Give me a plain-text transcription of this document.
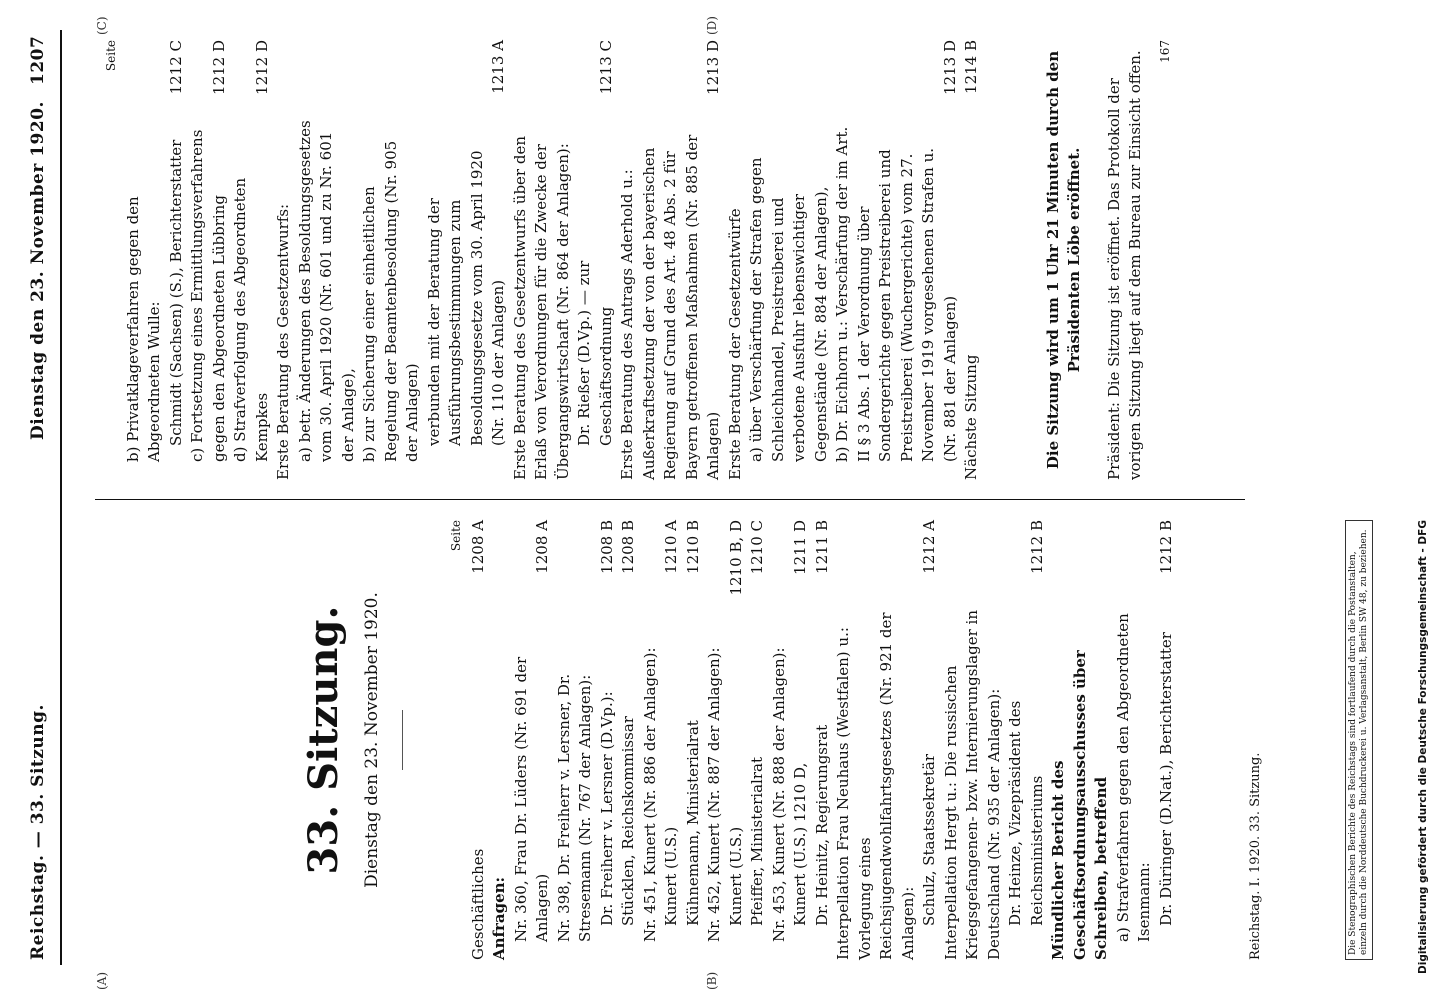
Reichstag. — 33. Sitzung.
Dienstag den 23. November 1920.
1207
(A)	(B)
(C)	(D)
33. Sitzung. Dienstag den 23. November 1920.
Seite
Geschäftliches
1208 A
Anfragen: Nr. 360, Frau Dr. Lüders (Nr. 691 der Anlagen)
1208 A
Nr. 398, Dr. Freiherr v. Lersner, Dr. Stresemann (Nr. 767 der Anlagen): Dr. Freiherr v. Lersner (D.Vp.):
1208 B
Stücklen, Reichskommissar
1208 B
Nr. 451, Kunert (Nr. 886 der Anlagen): Kunert (U.S.)
1210 A
Kühnemann, Ministerialrat
1210 B
Nr. 452, Kunert (Nr. 887 der Anlagen): Kunert (U.S.)
1210 B, D
Pfeiffer, Ministerialrat
1210 C
Nr. 453, Kunert (Nr. 888 der Anlagen): Kunert (U.S.) 1210 D,
1211 D
Dr. Heinitz, Regierungsrat
1211 B
Interpellation Frau Neuhaus (Westfalen) u.: Vorlegung eines Reichsjugendwohlfahrtsgesetzes (Nr. 921 der Anlagen): Schulz, Staatssekretär
1212 A
Interpellation Hergt u.: Die russischen Kriegsgefangenen- bzw. Internierungslager in Deutschland (Nr. 935 der Anlagen): Dr. Heinze, Vizepräsident des Reichsministeriums
1212 B
Mündlicher Bericht des Geschäftsordnungsausschusses über Schreiben, betreffend a) Strafverfahren gegen den Abgeordneten Isenmann: Dr. Düringer (D.Nat.), Berichterstatter
1212 B
Seite
b) Privatklageverfahren gegen den Abgeordneten Wulle: Schmidt (Sachsen) (S.), Berichterstatter
1212 C
c) Fortsetzung eines Ermittlungsverfahrens gegen den Abgeordneten Lübbring
1212 D
d) Strafverfolgung des Abgeordneten Kempkes
1212 D
Erste Beratung des Gesetzentwurfs: a) betr. Änderungen des Besoldungsgesetzes vom 30. April 1920 (Nr. 601 und zu Nr. 601 der Anlage), b) zur Sicherung einer einheitlichen Regelung der Beamtenbesoldung (Nr. 905 der Anlagen) verbunden mit der Beratung der Ausführungsbestimmungen zum Besoldungsgesetze vom 30. April 1920 (Nr. 110 der Anlagen)
1213 A
Erste Beratung des Gesetzentwurfs über den Erlaß von Verordnungen für die Zwecke der Übergangswirtschaft (Nr. 864 der Anlagen): Dr. Rießer (D.Vp.) — zur Geschäftsordnung
1213 C
Erste Beratung des Antrags Aderhold u.: Außerkraftsetzung der von der bayerischen Regierung auf Grund des Art. 48 Abs. 2 für Bayern getroffenen Maßnahmen (Nr. 885 der Anlagen)
1213 D
Erste Beratung der Gesetzentwürfe a) über Verschärfung der Strafen gegen Schleichhandel, Preistreiberei und verbotene Ausfuhr lebenswichtiger Gegenstände (Nr. 884 der Anlagen), b) Dr. Eichhorn u.: Verschärfung der im Art. II § 3 Abs. 1 der Verordnung über Sondergerichte gegen Preistreiberei und Preistreiberei (Wuchergerichte) vom 27. November 1919 vorgesehenen Strafen u. (Nr. 881 der Anlagen)
1213 D
Nächste Sitzung
1214 B	Die Sitzung wird um 1 Uhr 21 Minuten durch den Präsidenten Löbe eröffnet. Präsident: Die Sitzung ist eröffnet. Das Protokoll der vorigen Sitzung liegt auf dem Bureau zur Einsicht offen. 167
Reichstag. I. 1920. 33. Sitzung.	Die Stenographischen Berichte des Reichstags sind fortlaufend durch die Postanstalten, einzeln durch die Norddeutsche Buchdruckerei u. Verlagsanstalt, Berlin SW 48, zu beziehen.	Digitalisierung gefördert durch die Deutsche Forschungsgemeinschaft - DFG
